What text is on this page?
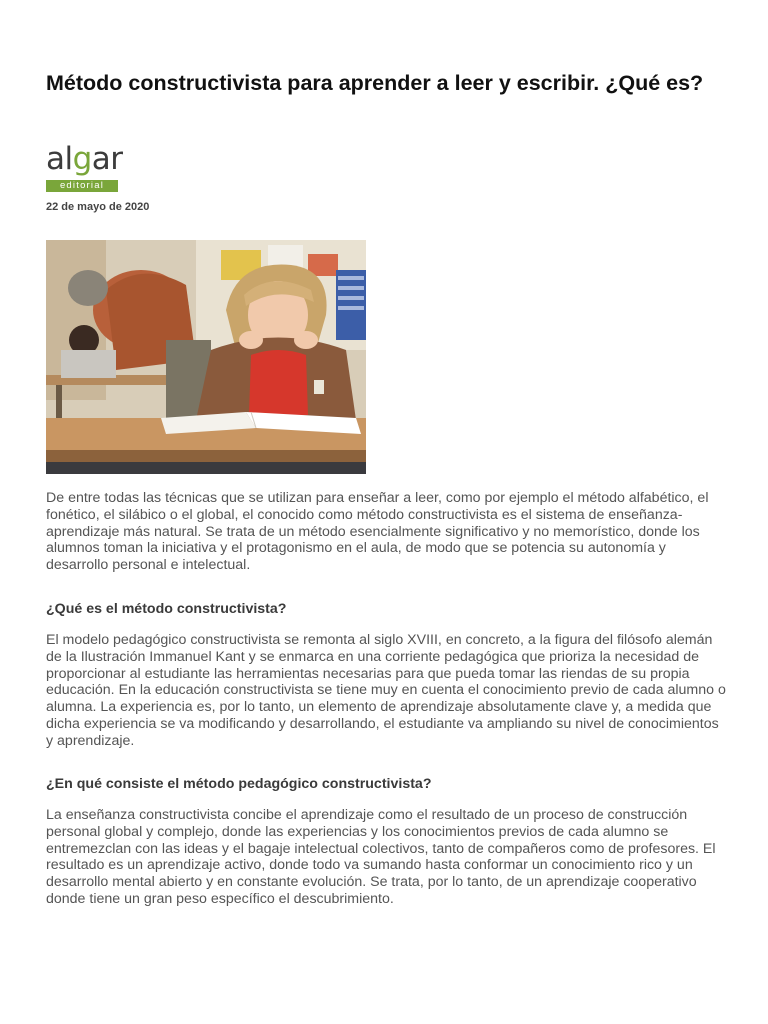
Método constructivista para aprender a leer y escribir. ¿Qué es?
algar
editorial

22 de mayo de 2020

De entre todas las técnicas que se utilizan para enseñar a leer, como por ejemplo el método alfabético, el fonético, el silábico o el global, el conocido como método constructivista es el sistema de enseñanza-aprendizaje más natural. Se trata de un método esencialmente significativo y no memorístico, donde los alumnos toman la iniciativa y el protagonismo en el aula, de modo que se potencia su autonomía y desarrollo personal e intelectual.

¿Qué es el método constructivista?

El modelo pedagógico constructivista se remonta al siglo XVIII, en concreto, a la figura del filósofo alemán de la Ilustración Immanuel Kant y se enmarca en una corriente pedagógica que prioriza la necesidad de proporcionar al estudiante las herramientas necesarias para que pueda tomar las riendas de su propia educación. En la educación constructivista se tiene muy en cuenta el conocimiento previo de cada alumno o alumna. La experiencia es, por lo tanto, un elemento de aprendizaje absolutamente clave y, a medida que dicha experiencia se va modificando y desarrollando, el estudiante va ampliando su nivel de conocimientos y aprendizaje.

¿En qué consiste el método pedagógico constructivista?

La enseñanza constructivista concibe el aprendizaje como el resultado de un proceso de construcción personal global y complejo, donde las experiencias y los conocimientos previos de cada alumno se entremezclan con las ideas y el bagaje intelectual colectivos, tanto de compañeros como de profesores. El resultado es un aprendizaje activo, donde todo va sumando hasta conformar un conocimiento rico y un desarrollo mental abierto y en constante evolución. Se trata, por lo tanto, de un aprendizaje cooperativo donde tiene un gran peso específico el descubrimiento.
